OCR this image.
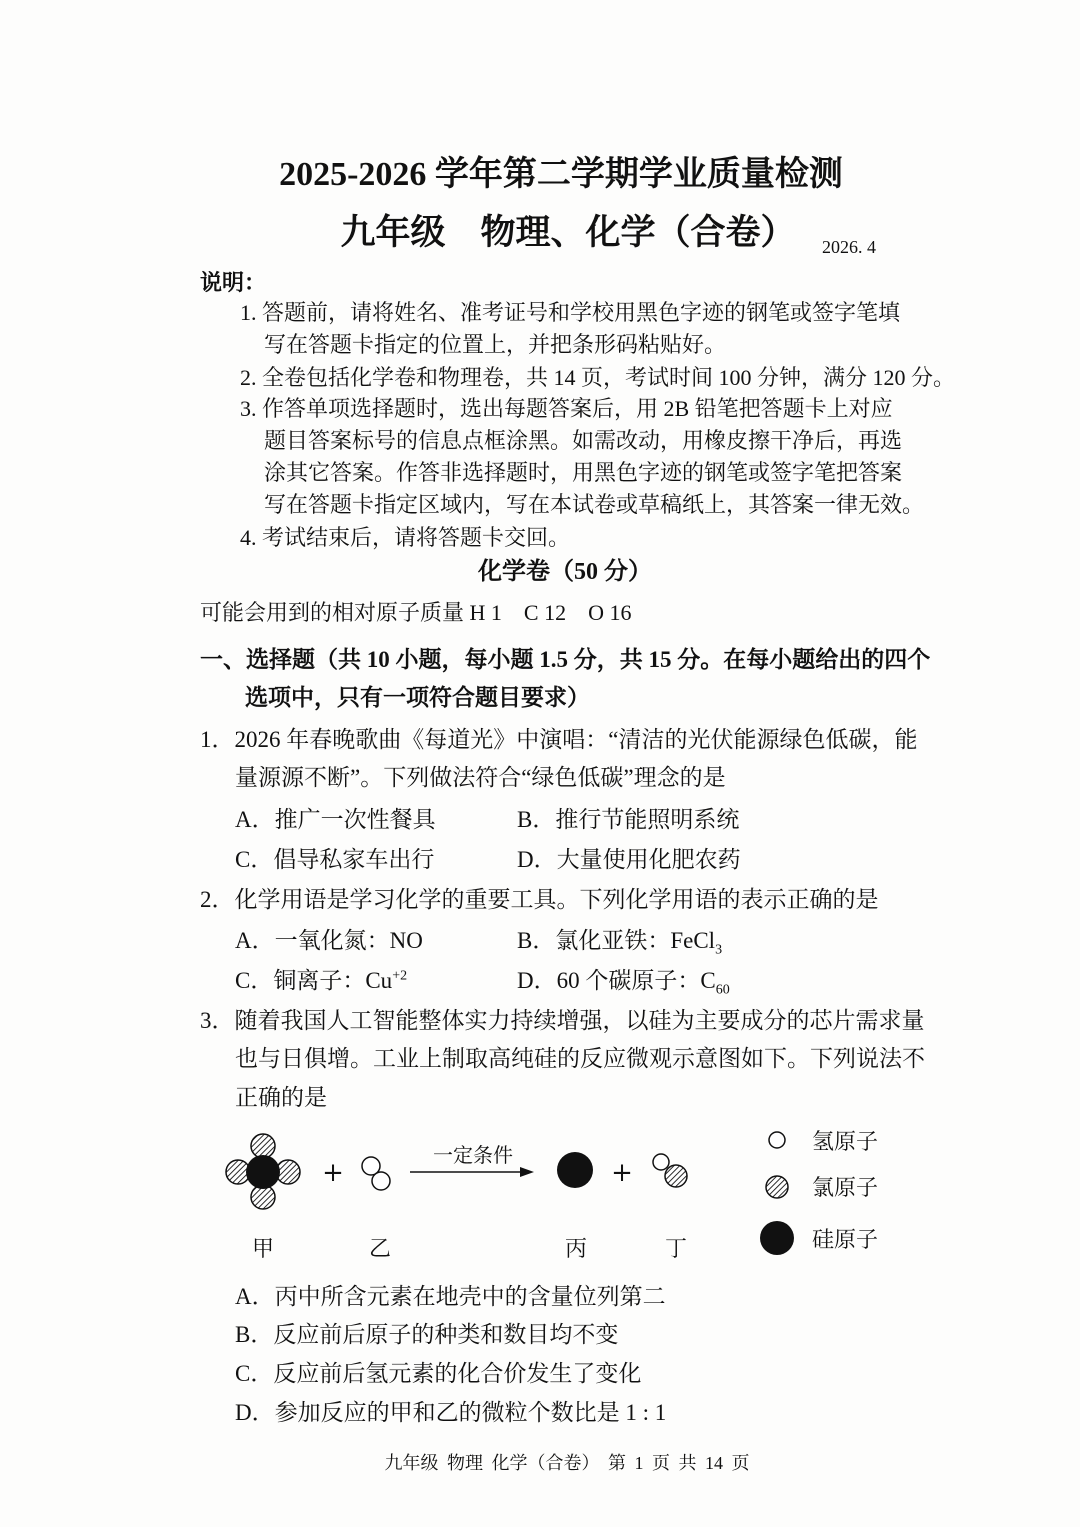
2025-2026 学年第二学期学业质量检测
九年级　物理、化学（合卷）	2026. 4
说明：
1. 答题前，请将姓名、准考证号和学校用黑色字迹的钢笔或签字笔填
写在答题卡指定的位置上，并把条形码粘贴好。
2. 全卷包括化学卷和物理卷，共 14 页，考试时间 100 分钟，满分 120 分。
3. 作答单项选择题时，选出每题答案后，用 2B 铅笔把答题卡上对应
题目答案标号的信息点框涂黑。如需改动，用橡皮擦干净后，再选
涂其它答案。作答非选择题时，用黑色字迹的钢笔或签字笔把答案
写在答题卡指定区域内，写在本试卷或草稿纸上，其答案一律无效。
4. 考试结束后，请将答题卡交回。
化学卷（50 分）
可能会用到的相对原子质量 H 1　C 12　O 16
一、选择题（共 10 小题，每小题 1.5 分，共 15 分。在每小题给出的四个
选项中，只有一项符合题目要求）
1．2026 年春晚歌曲《每道光》中演唱：“清洁的光伏能源绿色低碳，能
量源源不断”。下列做法符合“绿色低碳”理念的是
A．推广一次性餐具	B．推行节能照明系统
C．倡导私家车出行	D．大量使用化肥农药
2．化学用语是学习化学的重要工具。下列化学用语的表示正确的是
A．一氧化氮：NO	B．氯化亚铁：FeCl$_3$
C．铜离子：$Cu^{+2}$	D．60 个碳原子：$C_{60}$
3．随着我国人工智能整体实力持续增强，以硅为主要成分的芯片需求量
也与日俱增。工业上制取高纯硅的反应微观示意图如下。下列说法不
正确的是
+
一定条件
+
甲	乙	丙	丁
氢原子
氯原子
硅原子
A．丙中所含元素在地壳中的含量位列第二
B．反应前后原子的种类和数目均不变
C．反应前后氢元素的化合价发生了变化
D．参加反应的甲和乙的微粒个数比是 1 : 1
九年级 物理 化学（合卷） 第 1 页 共 14 页
